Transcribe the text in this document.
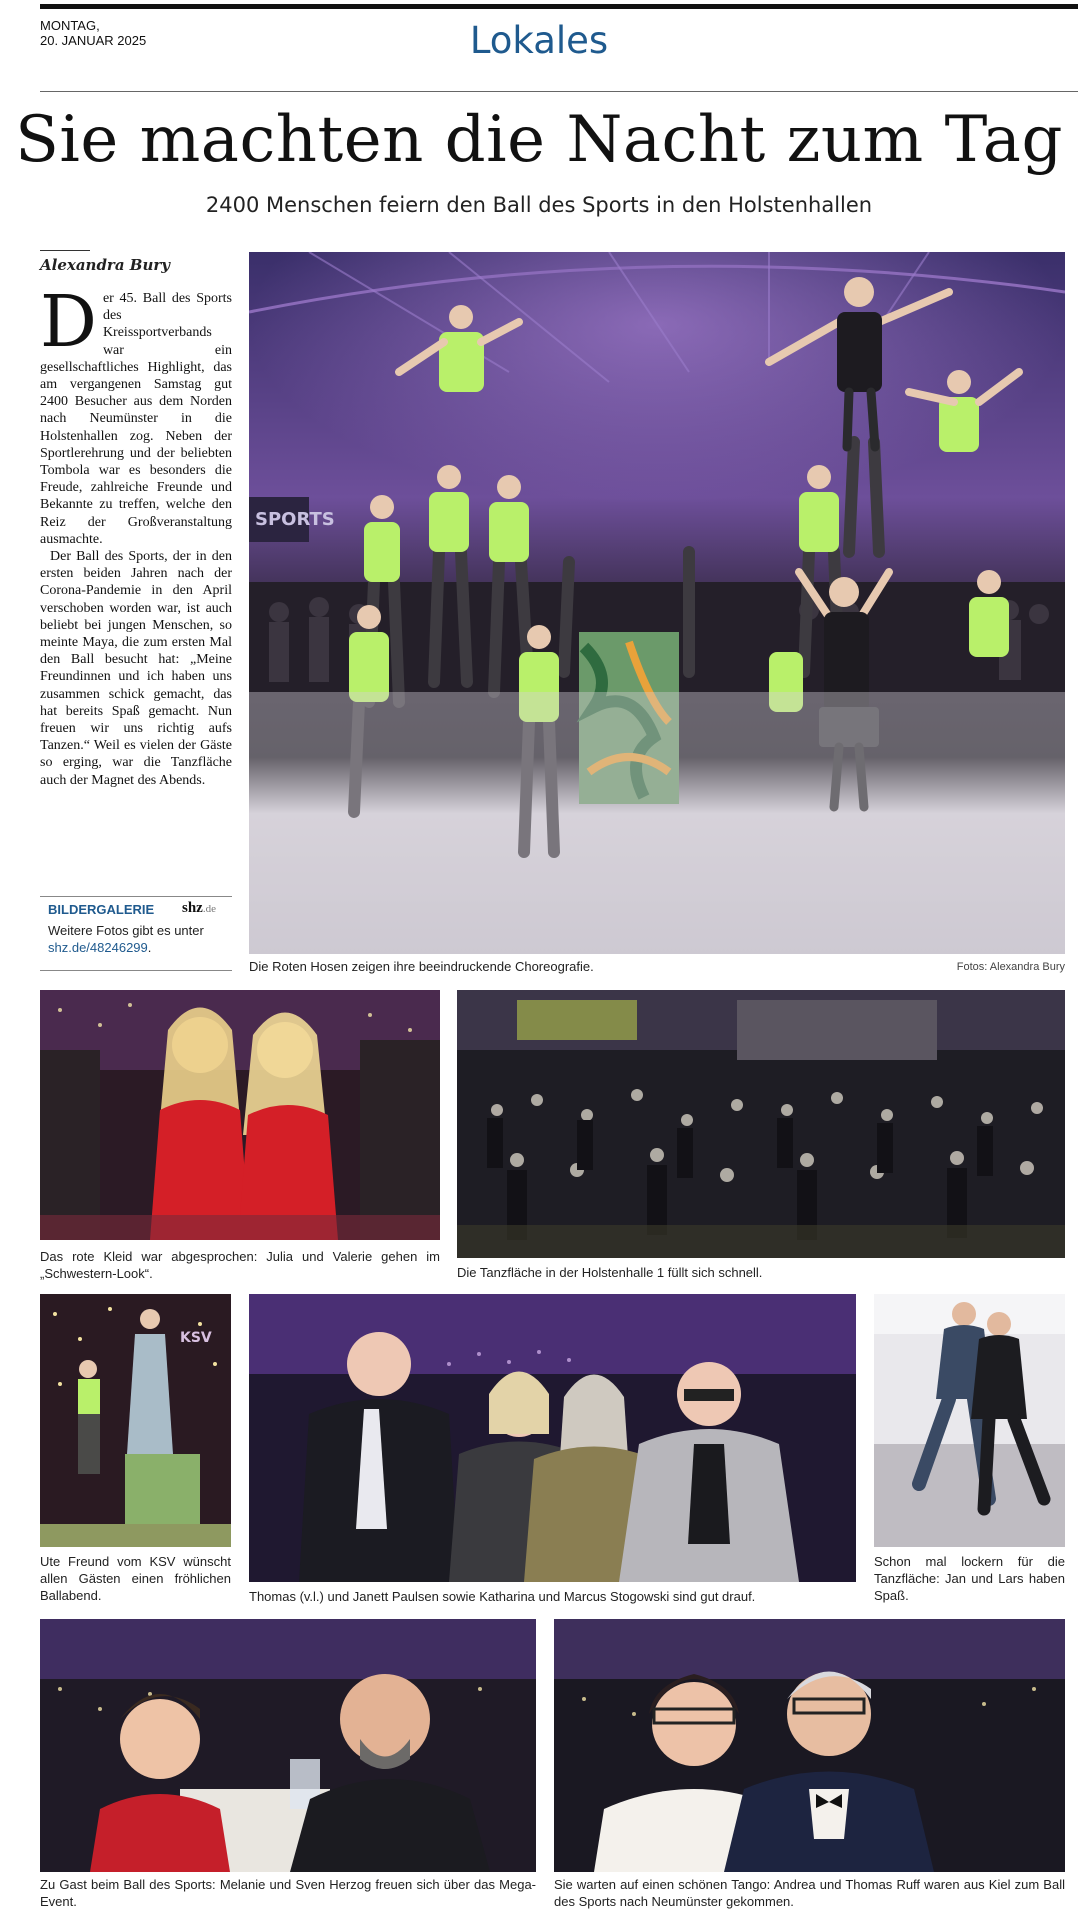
MONTAG,
20. JANUAR 2025	Lokales
Sie machten die Nacht zum Tag
2400 Menschen feiern den Ball des Sports in den Holstenhallen
Alexandra Bury

Der 45. Ball des Sports des Kreissportverbands war ein gesellschaftliches Highlight, das am vergangenen Samstag gut 2400 Besucher aus dem Norden nach Neumünster in die Holstenhallen zog. Neben der Sportlerehrung und der beliebten Tombola war es besonders die Freude, zahlreiche Freunde und Bekannte zu treffen, welche den Reiz der Großveranstaltung ausmachte.

Der Ball des Sports, der in den ersten beiden Jahren nach der Corona-Pandemie in den April verschoben worden war, ist auch beliebt bei jungen Menschen, so meinte Maya, die zum ersten Mal den Ball besucht hat: „Meine Freundinnen und ich haben uns zusammen schick gemacht, das hat bereits Spaß gemacht. Nun freuen wir uns richtig aufs Tanzen.“ Weil es vielen der Gäste so erging, war die Tanzfläche auch der Magnet des Abends.

BILDERGALERIE shz.de
Weitere Fotos gibt es unter shz.de/48246299.
SPORTS
Die Roten Hosen zeigen ihre beeindruckende Choreografie.	Fotos: Alexandra Bury
Das rote Kleid war abgesprochen: Julia und Valerie gehen im „Schwestern-Look“.	Die Tanzfläche in der Holstenhalle 1 füllt sich schnell.
KSV
Ute Freund vom KSV wünscht allen Gästen einen fröhlichen Ballabend.	Thomas (v.l.) und Janett Paulsen sowie Katharina und Marcus Stogowski sind gut drauf.
Schon mal lockern für die Tanzfläche: Jan und Lars haben Spaß.
Zu Gast beim Ball des Sports: Melanie und Sven Herzog freuen sich über das Mega-Event.
Sie warten auf einen schönen Tango: Andrea und Thomas Ruff waren aus Kiel zum Ball des Sports nach Neumünster gekommen.
